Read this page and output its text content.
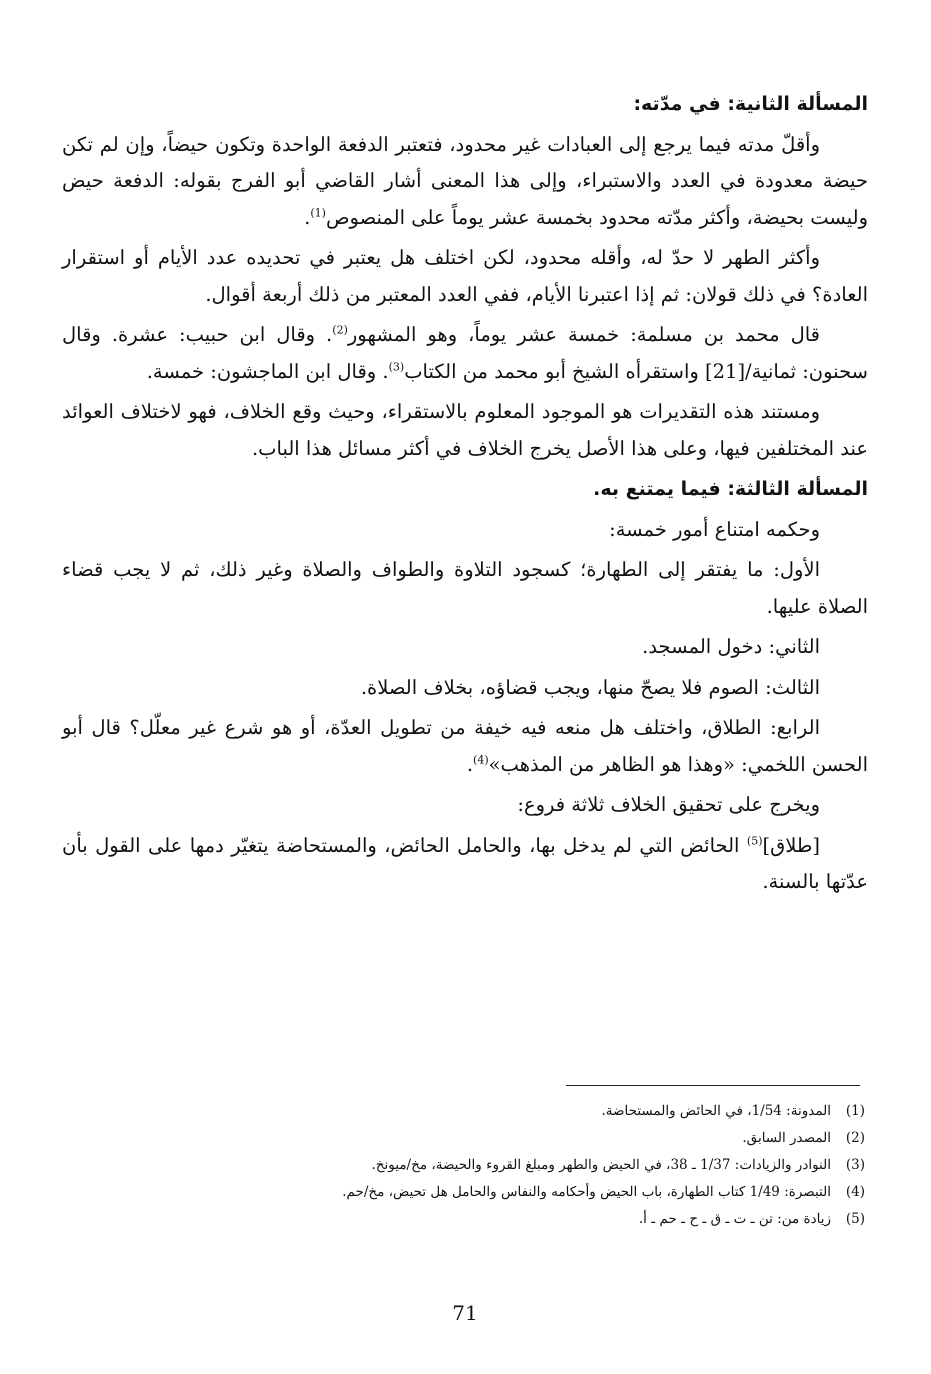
المسألة الثانية: في مدّته:

وأقلّ مدته فيما يرجع إلى العبادات غير محدود، فتعتبر الدفعة الواحدة وتكون حيضاً، وإن لم تكن حيضة معدودة في العدد والاستبراء، وإلى هذا المعنى أشار القاضي أبو الفرج بقوله: الدفعة حيض وليست بحيضة، وأكثر مدّته محدود بخمسة عشر يوماً على المنصوص$^{(1)}$.

وأكثر الطهر لا حدّ له، وأقله محدود، لكن اختلف هل يعتبر في تحديده عدد الأيام أو استقرار العادة؟ في ذلك قولان: ثم إذا اعتبرنا الأيام، ففي العدد المعتبر من ذلك أربعة أقوال.

قال محمد بن مسلمة: خمسة عشر يوماً، وهو المشهور$^{(2)}$. وقال ابن حبيب: عشرة. وقال سحنون: ثمانية/[21] واستقرأه الشيخ أبو محمد من الكتاب$^{(3)}$. وقال ابن الماجشون: خمسة.

ومستند هذه التقديرات هو الموجود المعلوم بالاستقراء، وحيث وقع الخلاف، فهو لاختلاف العوائد عند المختلفين فيها، وعلى هذا الأصل يخرج الخلاف في أكثر مسائل هذا الباب.

المسألة الثالثة: فيما يمتنع به.

وحكمه امتناع أمور خمسة:

الأول: ما يفتقر إلى الطهارة؛ كسجود التلاوة والطواف والصلاة وغير ذلك، ثم لا يجب قضاء الصلاة عليها.

الثاني: دخول المسجد.

الثالث: الصوم فلا يصحّ منها، ويجب قضاؤه، بخلاف الصلاة.

الرابع: الطلاق، واختلف هل منعه فيه خيفة من تطويل العدّة، أو هو شرع غير معلّل؟ قال أبو الحسن اللخمي: «وهذا هو الظاهر من المذهب»$^{(4)}$.

ويخرج على تحقيق الخلاف ثلاثة فروع:

[طلاق]$^{(5)}$ الحائض التي لم يدخل بها، والحامل الحائض، والمستحاضة يتغيّر دمها على القول بأن عدّتها بالسنة.

(1)
المدونة: 1/54، في الحائض والمستحاضة.
(2)
المصدر السابق.
(3)
النوادر والزيادات: 1/37 ـ 38، في الحيض والطهر ومبلغ القروء والحيضة، مخ/ميونخ.
(4)
التبصرة: 1/49 كتاب الطهارة، باب الحيض وأحكامه والنفاس والحامل هل تحيض، مخ/حم.
(5)
زيادة من: تن ـ ت ـ ق ـ ح ـ حم ـ أ.
71
